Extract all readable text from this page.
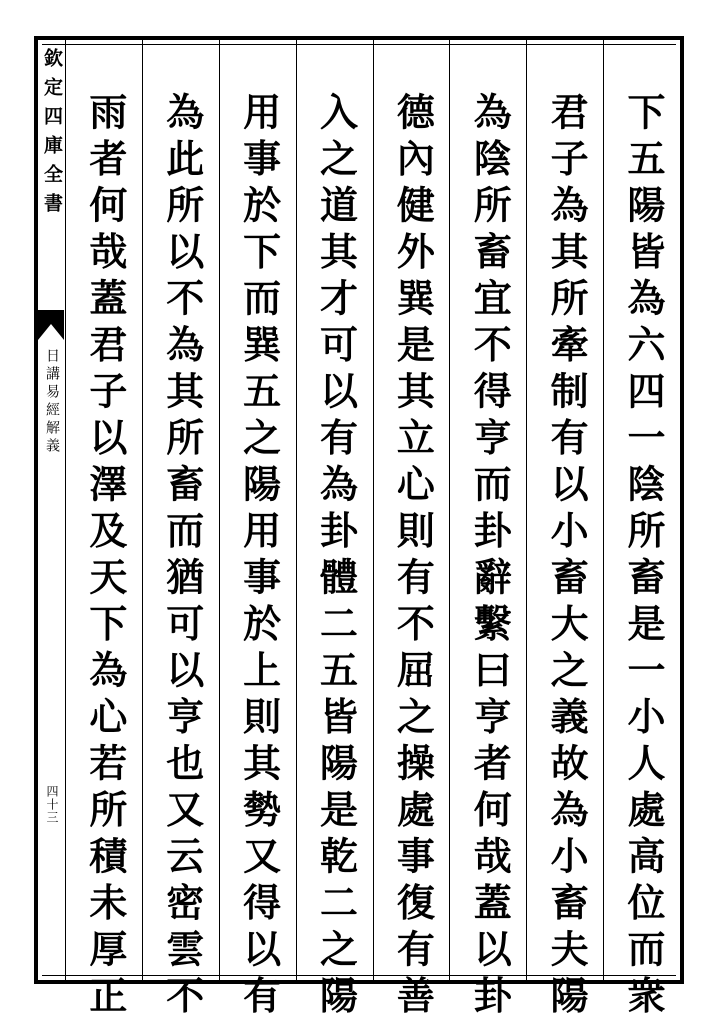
欽定四庫全書
日講易經解義
四十三	下五陽皆為六四一陰所畜是一小人處高位而衆
君子為其所牽制有以小畜大之義故為小畜夫陽
為陰所畜宜不得亨而卦辭繫曰亨者何哉蓋以卦
德內健外巽是其立心則有不屈之操處事復有善
入之道其才可以有為卦體二五皆陽是乾二之陽
用事於下而巽五之陽用事於上則其勢又得以有
為此所以不為其所畜而猶可以亨也又云密雲不
雨者何哉蓋君子以澤及天下為心若所積未厚正
